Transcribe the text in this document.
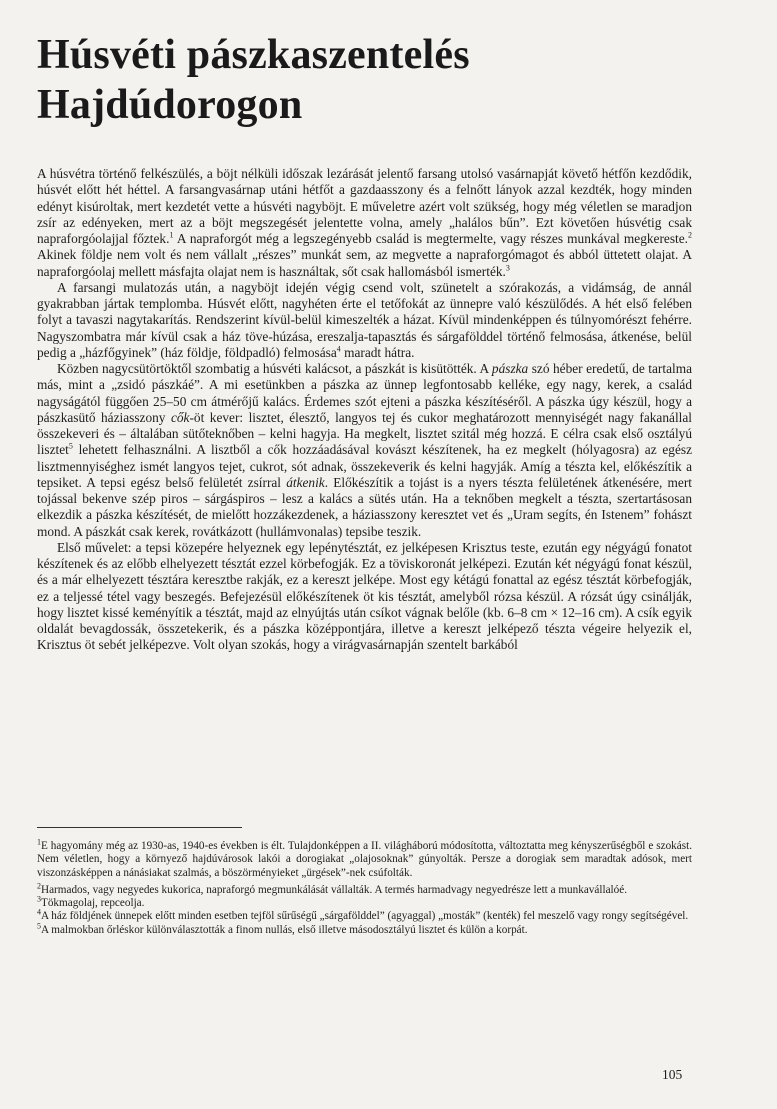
Húsvéti pászkaszentelés
Hajdúdorogon

A húsvétra történő felkészülés, a böjt nélküli időszak lezárását jelentő farsang utolsó vasárnapját követő hétfőn kezdődik, húsvét előtt hét héttel. A farsangvasárnap utáni hétfőt a gazdaasszony és a felnőtt lányok azzal kezdték, hogy minden edényt kisúroltak, mert kezdetét vette a húsvéti nagyböjt. E műveletre azért volt szükség, hogy még véletlen se maradjon zsír az edényeken, mert az a böjt megszegését jelentette volna, amely „halálos bűn”. Ezt követően húsvétig csak napraforgóolajjal főztek.$^1$ A napraforgót még a legszegényebb család is megtermelte, vagy részes munkával megkereste.$^2$ Akinek földje nem volt és nem vállalt „részes” munkát sem, az megvette a napraforgómagot és abból üttetett olajat. A napraforgóolaj mellett másfajta olajat nem is használtak, sőt csak hallomásból ismerték.$^3$

A farsangi mulatozás után, a nagyböjt idején végig csend volt, szünetelt a szórakozás, a vidámság, de annál gyakrabban jártak templomba. Húsvét előtt, nagyhéten érte el tetőfokát az ünnepre való készülődés. A hét első felében folyt a tavaszi nagytakarítás. Rendszerint kívül-belül kimeszelték a házat. Kívül mindenképpen és túlnyomórészt fehérre. Nagyszombatra már kívül csak a ház töve-húzása, ereszalja-tapasztás és sárgafölddel történő felmosása, átkenése, belül pedig a „házfőgyinek” (ház földje, földpadló) felmosása$^4$ maradt hátra.

Közben nagycsütörtöktől szombatig a húsvéti kalácsot, a pászkát is kisütötték. A pászka szó héber eredetű, de tartalma más, mint a „zsidó pászkáé”. A mi esetünkben a pászka az ünnep legfontosabb kelléke, egy nagy, kerek, a család nagyságától függően 25–50 cm átmérőjű kalács. Érdemes szót ejteni a pászka készítéséről. A pászka úgy készül, hogy a pászkasütő háziasszony cők-öt kever: lisztet, élesztő, langyos tej és cukor meghatározott mennyiségét nagy fakanállal összekeveri és – általában sütőteknőben – kelni hagyja. Ha megkelt, lisztet szitál még hozzá. E célra csak első osztályú lisztet$^5$ lehetett felhasználni. A lisztből a cők hozzáadásával kovászt készítenek, ha ez megkelt (hólyagosra) az egész lisztmennyiséghez ismét langyos tejet, cukrot, sót adnak, összekeverik és kelni hagyják. Amíg a tészta kel, előkészítik a tepsiket. A tepsi egész belső felületét zsírral átkenik. Előkészítik a tojást is a nyers tészta felületének átkenésére, mert tojással bekenve szép piros – sárgáspiros – lesz a kalács a sütés után. Ha a teknőben megkelt a tészta, szertartásosan elkezdik a pászka készítését, de mielőtt hozzákezdenek, a háziasszony keresztet vet és „Uram segíts, én Istenem” fohászt mond. A pászkát csak kerek, rovátkázott (hullámvonalas) tepsibe teszik.

Első művelet: a tepsi közepére helyeznek egy lepénytésztát, ez jelképesen Krisztus teste, ezután egy négyágú fonatot készítenek és az előbb elhelyezett tésztát ezzel körbefogják. Ez a töviskoronát jelképezi. Ezután két négyágú fonat készül, és a már elhelyezett tésztára keresztbe rakják, ez a kereszt jelképe. Most egy kétágú fonattal az egész tésztát körbefogják, ez a teljessé tétel vagy beszegés. Befejezésül előkészítenek öt kis tésztát, amelyből rózsa készül. A rózsát úgy csinálják, hogy lisztet kissé keményítik a tésztát, majd az elnyújtás után csíkot vágnak belőle (kb. 6–8 cm × 12–16 cm). A csík egyik oldalát bevagdossák, összetekerik, és a pászka középpontjára, illetve a kereszt jelképező tészta végeire helyezik el, Krisztus öt sebét jelképezve. Volt olyan szokás, hogy a virágvasárnapján szentelt barkából

$^1$E hagyomány még az 1930-as, 1940-es években is élt. Tulajdonképpen a II. világháború módosította, változtatta meg kényszerűségből e szokást. Nem véletlen, hogy a környező hajdúvárosok lakói a dorogiakat „olajosoknak” gúnyolták. Persze a dorogiak sem maradtak adósok, mert viszonzásképpen a nánásiakat szalmás, a böszörményieket „ürgések”-nek csúfolták.

$^2$Harmados, vagy negyedes kukorica, napraforgó megmunkálását vállalták. A termés harmadvagy negyedrésze lett a munkavállalóé.

$^3$Tökmagolaj, repceolja.

$^4$A ház földjének ünnepek előtt minden esetben tejföl sűrűségű „sárgafölddel” (agyaggal) „mosták” (kenték) fel meszelő vagy rongy segítségével.

$^5$A malmokban őrléskor különválasztották a finom nullás, első illetve másodosztályú lisztet és külön a korpát.

105
